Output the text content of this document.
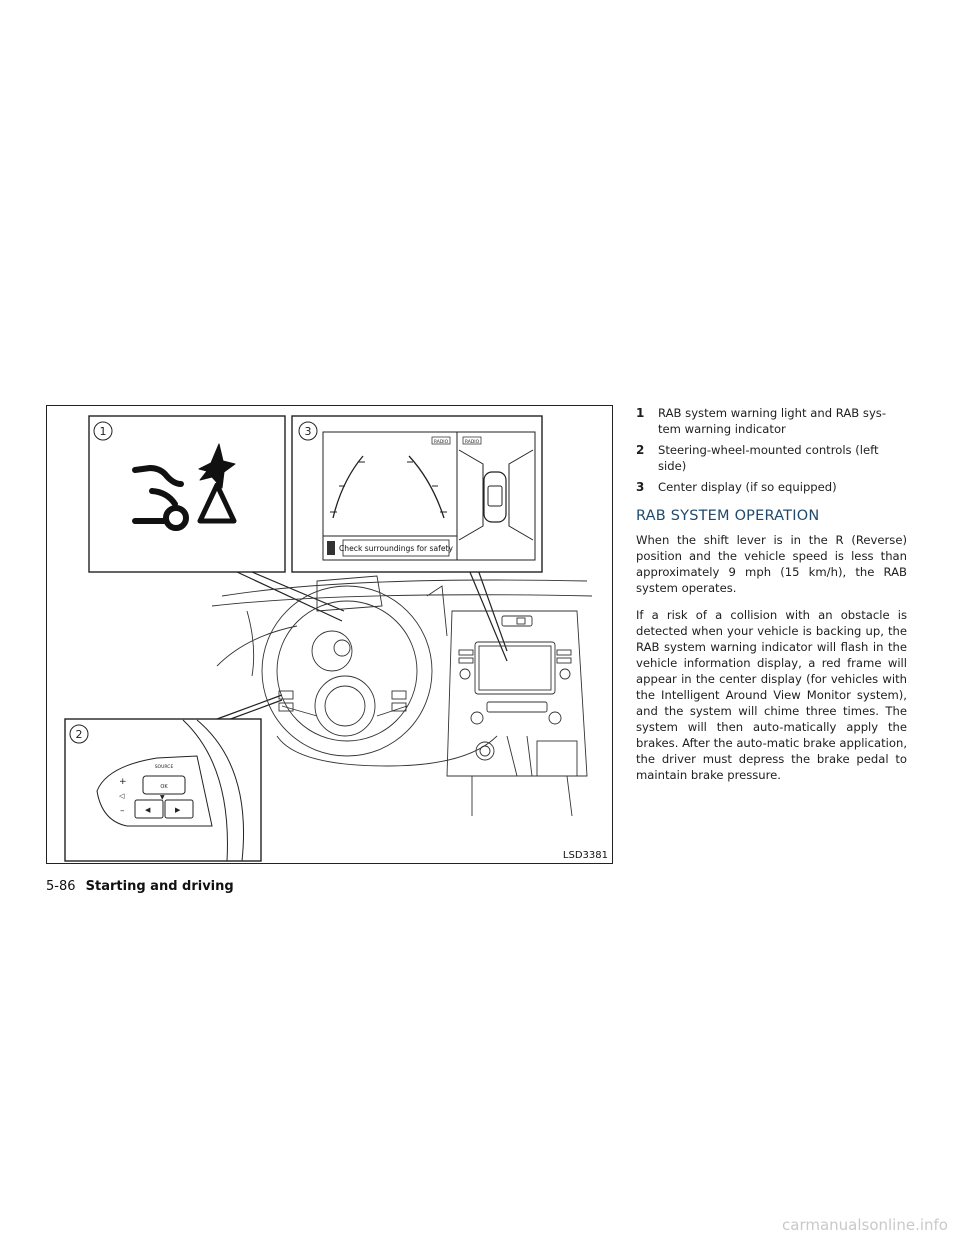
1	3
RADIO	RADIO
Check surroundings for safety
2
OK
SOURCE
+
◁
–	◀	▶
▼
LSD3381
1 RAB system warning light and RAB sys-tem warning indicator
2 Steering-wheel-mounted controls (left side)
3 Center display (if so equipped)
RAB SYSTEM OPERATION

When the shift lever is in the R (Reverse) position and the vehicle speed is less than approximately 9 mph (15 km/h), the RAB system operates.

If a risk of a collision with an obstacle is detected when your vehicle is backing up, the RAB system warning indicator will flash in the vehicle information display, a red frame will appear in the center display (for vehicles with the Intelligent Around View Monitor system), and the system will chime three times. The system will then auto-matically apply the brakes. After the auto-matic brake application, the driver must depress the brake pedal to maintain brake pressure.

5-86 Starting and driving
carmanualsonline.info
